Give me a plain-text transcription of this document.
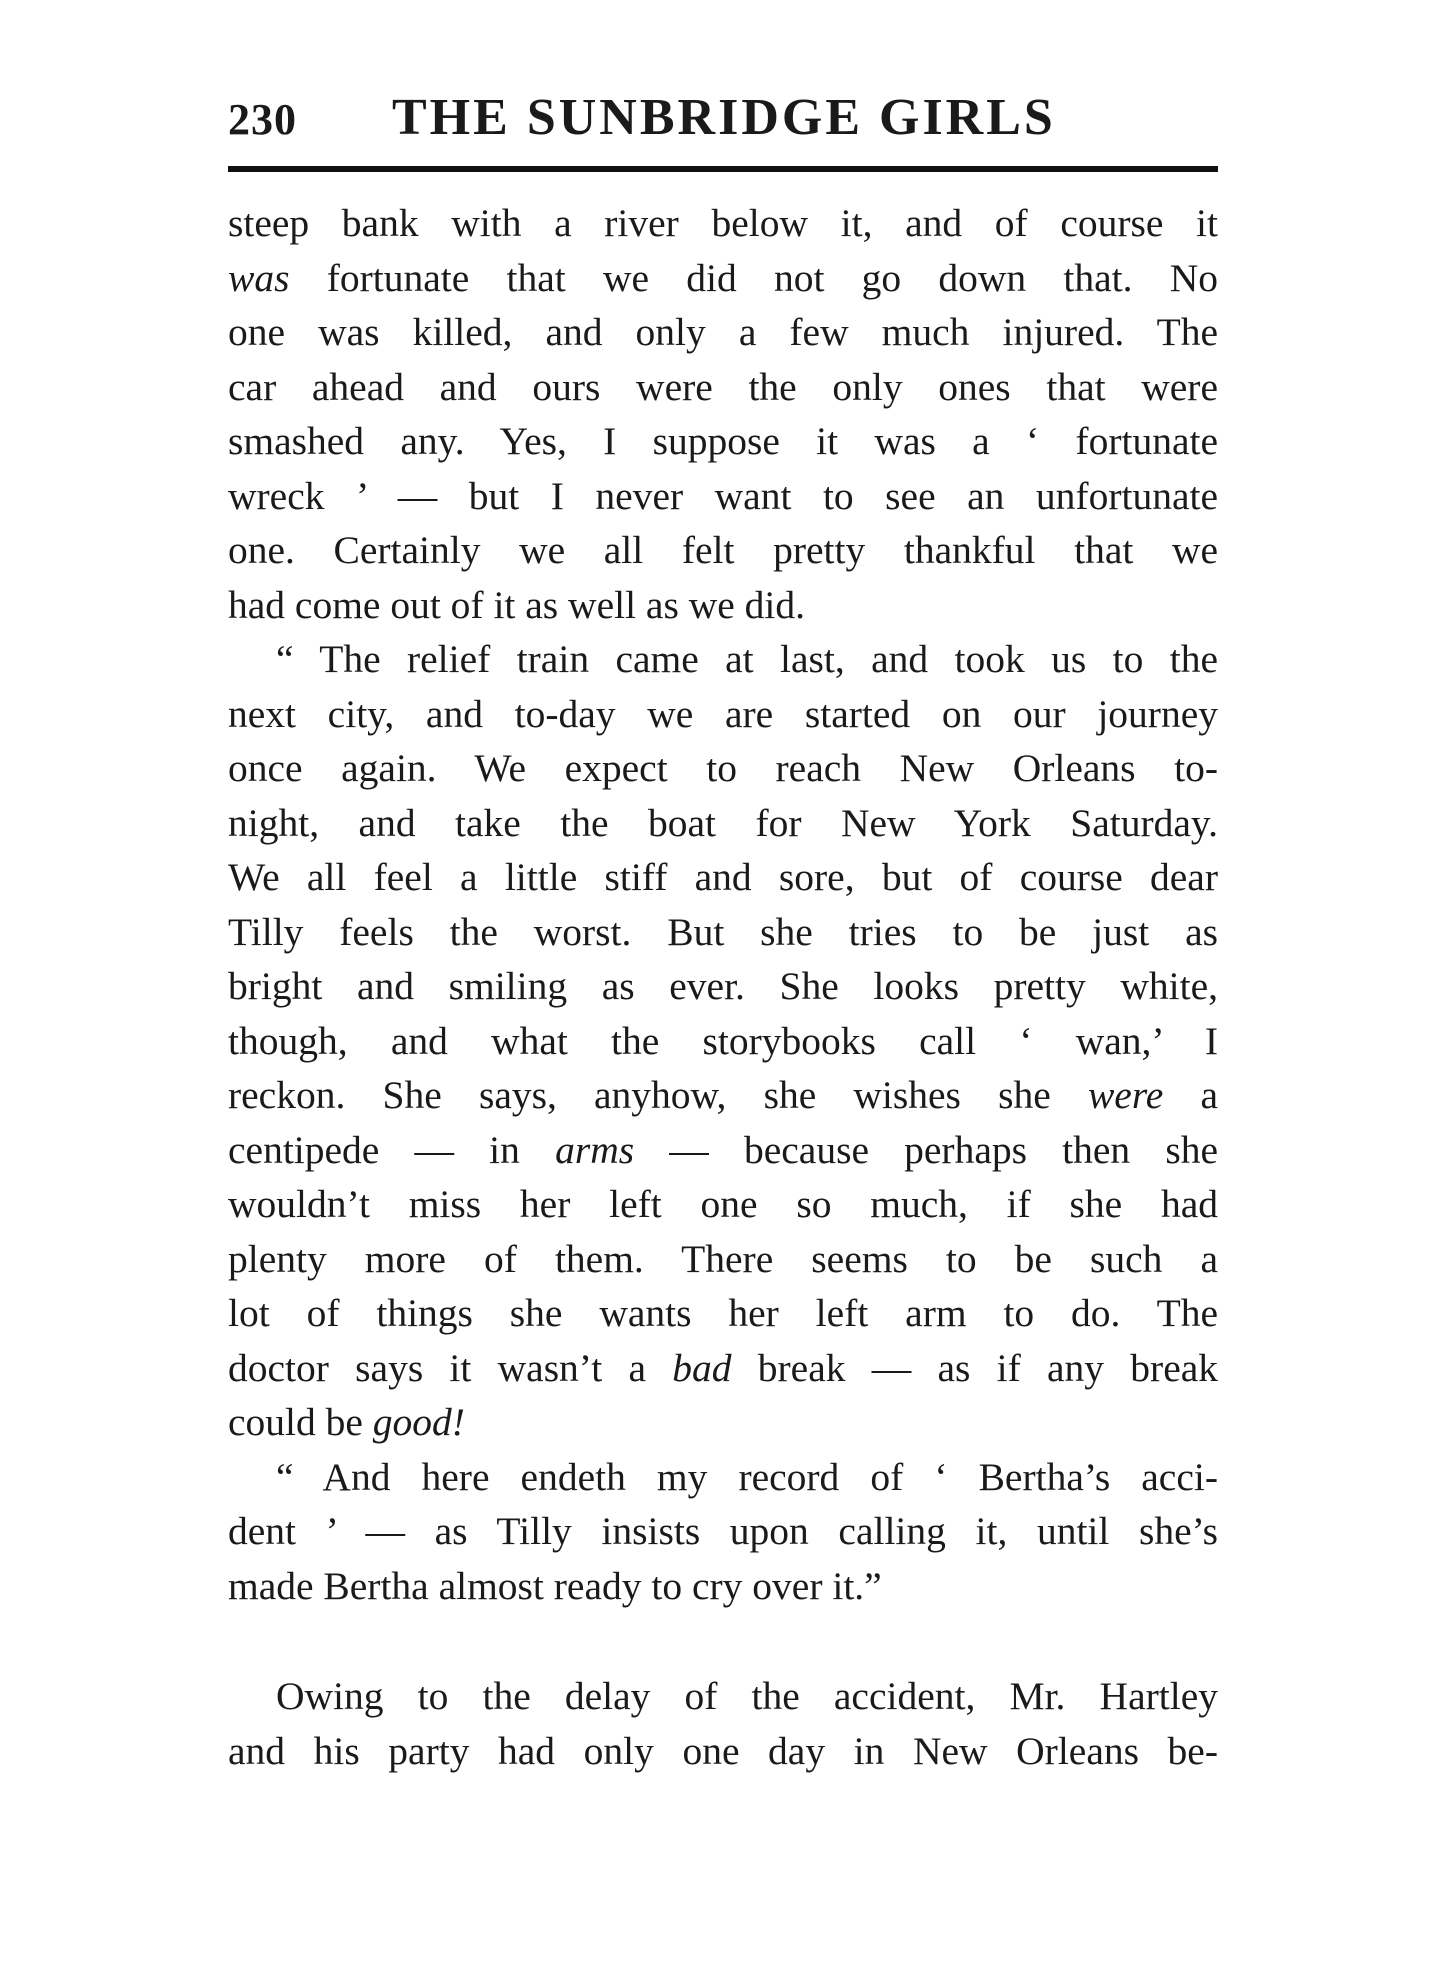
230 THE SUNBRIDGE GIRLS
steep bank with a river below it, and of course it
was fortunate that we did not go down that. No
one was killed, and only a few much injured. The
car ahead and ours were the only ones that were
smashed any. Yes, I suppose it was a ‘ fortunate
wreck ’ — but I never want to see an unfortunate
one. Certainly we all felt pretty thankful that we
had come out of it as well as we did.
“ The relief train came at last, and took us to the
next city, and to-day we are started on our journey
once again. We expect to reach New Orleans to-
night, and take the boat for New York Saturday.
We all feel a little stiff and sore, but of course dear
Tilly feels the worst. But she tries to be just as
bright and smiling as ever. She looks pretty white,
though, and what the storybooks call ‘ wan,’ I
reckon. She says, anyhow, she wishes she were a
centipede — in arms — because perhaps then she
wouldn’t miss her left one so much, if she had
plenty more of them. There seems to be such a
lot of things she wants her left arm to do. The
doctor says it wasn’t a bad break — as if any break
could be good!
“ And here endeth my record of ‘ Bertha’s acci-
dent ’ — as Tilly insists upon calling it, until she’s
made Bertha almost ready to cry over it.”
Owing to the delay of the accident, Mr. Hartley
and his party had only one day in New Orleans be-
